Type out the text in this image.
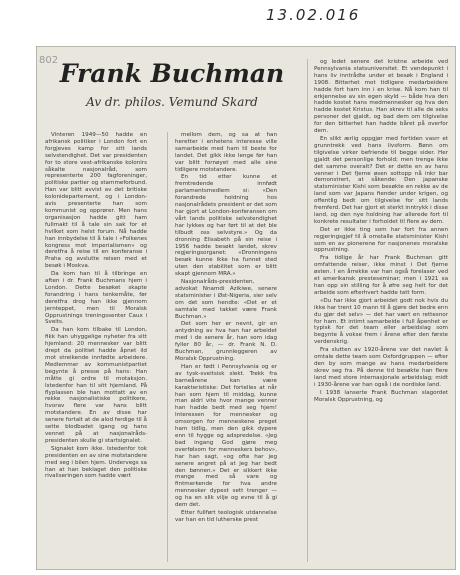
13.02.016
802 Frank Buchman
Av dr. philos. Vemund Skard

Vinteren 1949—50 hadde en afrikansk politiker i London fort en forgjeves kamp for sitt lands selvstendighet. Det var presidenten for to store vest-afrikanske kolonirs såkalte nasjonalråd, som representerte 200 fagforeninger, politiske partier og stammeforbund. Han var blitt avvist av det britiske kolonidepartement, og i London-avis presenterte han som kommunist og opprører. Men hans organisasjon hadde gitt ham fullmakt til å tale sin sak for et hvilket som helst forum. Nå hadde han innbydelse til å tale i «Folkenes kongress mot imperialismen» og deretfra å reise til en konferanse i Praha og avslutte reisen med et besøk i Moskva.

Da kom han til å tilbringe en aften i dr. Frank Buchmans hjem i London. Dette besøket skapte forandring i hans tenkemåte, før deretfra drog han ikke gjennom jernteppet, men til Moralsk Opprustnings treningssenter Caux i Sveits.

Da han kom tilbake til London, fikk han uhyggelige nyheter fra sitt hjemland: 20 mennesker var blitt drept da politiet hadde åpnet ild mot streikende innfødte arbeidere. Medlemmer av kommunistpartiet begynte å presse på hans: Han måtte gi ordre til motaksjon. Istedenfor han til sitt hjemland. På flyplassen ble han mottatt av en rekke nasjonalistiske politikere, hvorav flere var hans blitt motstandere. En av disse har senere fortalt at de alod ferdige til å sette blodbadet igang og hans vennet på at nasjonalråds-presidenten skulle gi startsignalet.

Signalet kom ikke. Istedenfor tok presidenten en av sine motstandere med seg i bilen hjem. Undervegs sa han at han beklaget den politiske rivaliseringen som hadde vært

mellom dem, og sa at han heretter i enhetens interesse ville samarbeide med ham til beste for landet. Det gikk ikke lenge før han var blitt fornøyet med alle sine tidligere motstandere.

En tid etter kunne et fremtredende innfødt parlamentsmedlem si: «Den forandrede holdning hos nasjonalrådets president er det som har gjort at London-konferansen om vårt lands politiske selvstendighet har lykkes og har ført til at det ble tilbudt oss selvstyre.» Og da dronning Elisabeth på sin reise i 1956 hadde besøkt landet, skrev regjeringsorganet: «Dronningens besøk kunne ikke ha funnet sted uten den stabilitet som er blitt skapt gjennom MRA.»

Nasjonalråds-presidenten, advokat Nnamdi Azikiwe, senere statsminister i Øst-Nigeria, sier selv om det som hendte: «Det er et samtale med takket være Frank Buchman.»

Det som her er nevnt, gir en antydning av hva han har arbeidet med i de senere år, han som idag fyller 80 år, — dr. Frank N. D. Buchman, grunnleggeren av Moralsk Opprustning.

Han er født i Pennsylvania og er av tysk-sveitsisk slekt. Trekk fra barneårene kan være karakteristiske: Det fortelles at når han som hjem til middag, kunne man aldri vite hvor mange venner han hadde bedt med seg hjem! Interessen for mennesker og omsorgen for menneskene preget ham tidlig, men den gikk dypere enn til hygge og adspredelse. «Jeg bad ingang God gjøre meg overfølsom for menneskers behov», har han sagt, «og ofte har jeg senere angret på at jeg har bedt den bønnen.» Det er sikkert ikke mange med så vare og fintmerkende for hva andre mennesker dypest sett trenger — og ha en slik vilje og evne til å gi dem det.

Etter fullført teologisk utdannelse var han en tid lutherske prest

og ledet senere det kristne arbeide ved Pennsylvania statsuniversitet. Et vendepunkt i hans liv inntrådte under et besøk i England i 1908. Bitterhet mot tidligere medarbeidere hadde fort ham inn i en krise. Nå kom han til erkjennelse av sin egen skyld — både hva den hadde kostet hans medmennesker og hva den hadde kostet Kristus. Han skrev til alle de seks personer det gjaldt, og bad dem om tilgivelse for den bitterhet han hadde båret på overfor dem.

En slikt ærlig oppgjør med fortiden vasrr et grunntrekk ved hans livsform. Bønn om tilgivelse virker befriende til begge sider. Her gjaldt det personlige forhold; men trenge ikke det samme overalt? Det er dette en av hans venner i Det fjerne øsen sottopp nå inkr bar demonstrert, at såkende: Den japanske statsminister Kishi som besøkte en rekke av de land som var Japans fiender under krigen, og offentlig bedt om tilgivelse for sitt lands fremferd. Det har gjort et sterkt inntrykk i disse land, og den nye holdning har allerede fort til konkrete resultater i forholdet til flere av dem.

Det er ikke ting som har fort fra annen regjeringsgjef til å omstalle statsminister Kishi som en av pionerene for nasjonenes moralske opprustning.

Fra tidlige år har Frank Buchman gitt omfattende reiser, ikke minst i Det fjerne østen. I en årrekke var han også forelaser ved et amerikansk presteseminar; men i 1921 sa han opp sin stilling for å øfre seg helt for det arbeide som efterhvert hadde tatt form.

«Du har ikke gjort arbeidet godt nok hvis du ikke har trent 10 mann til å gjøre det bedre enn du gjør det selv» — det har vært en rettesnor for ham. Et intimt samarbeide i full åpenhet er typisk for det team eller arbeidslag som begynte å vokse frem i årene efter den første verdenskrig.

Fra slutten av 1920-årene var det navlet å omtale dette team som Oxfordgruppen — efter den by som mange av hans medarbeidere skrev seg fra. På denne tid besøkte han flere land med store internasjonale arbeidslag; midt i 1930-årene var han også i de nordiske land.

I 1938 lanserte Frank Buchman slagordet Moralsk Opprustning, og
